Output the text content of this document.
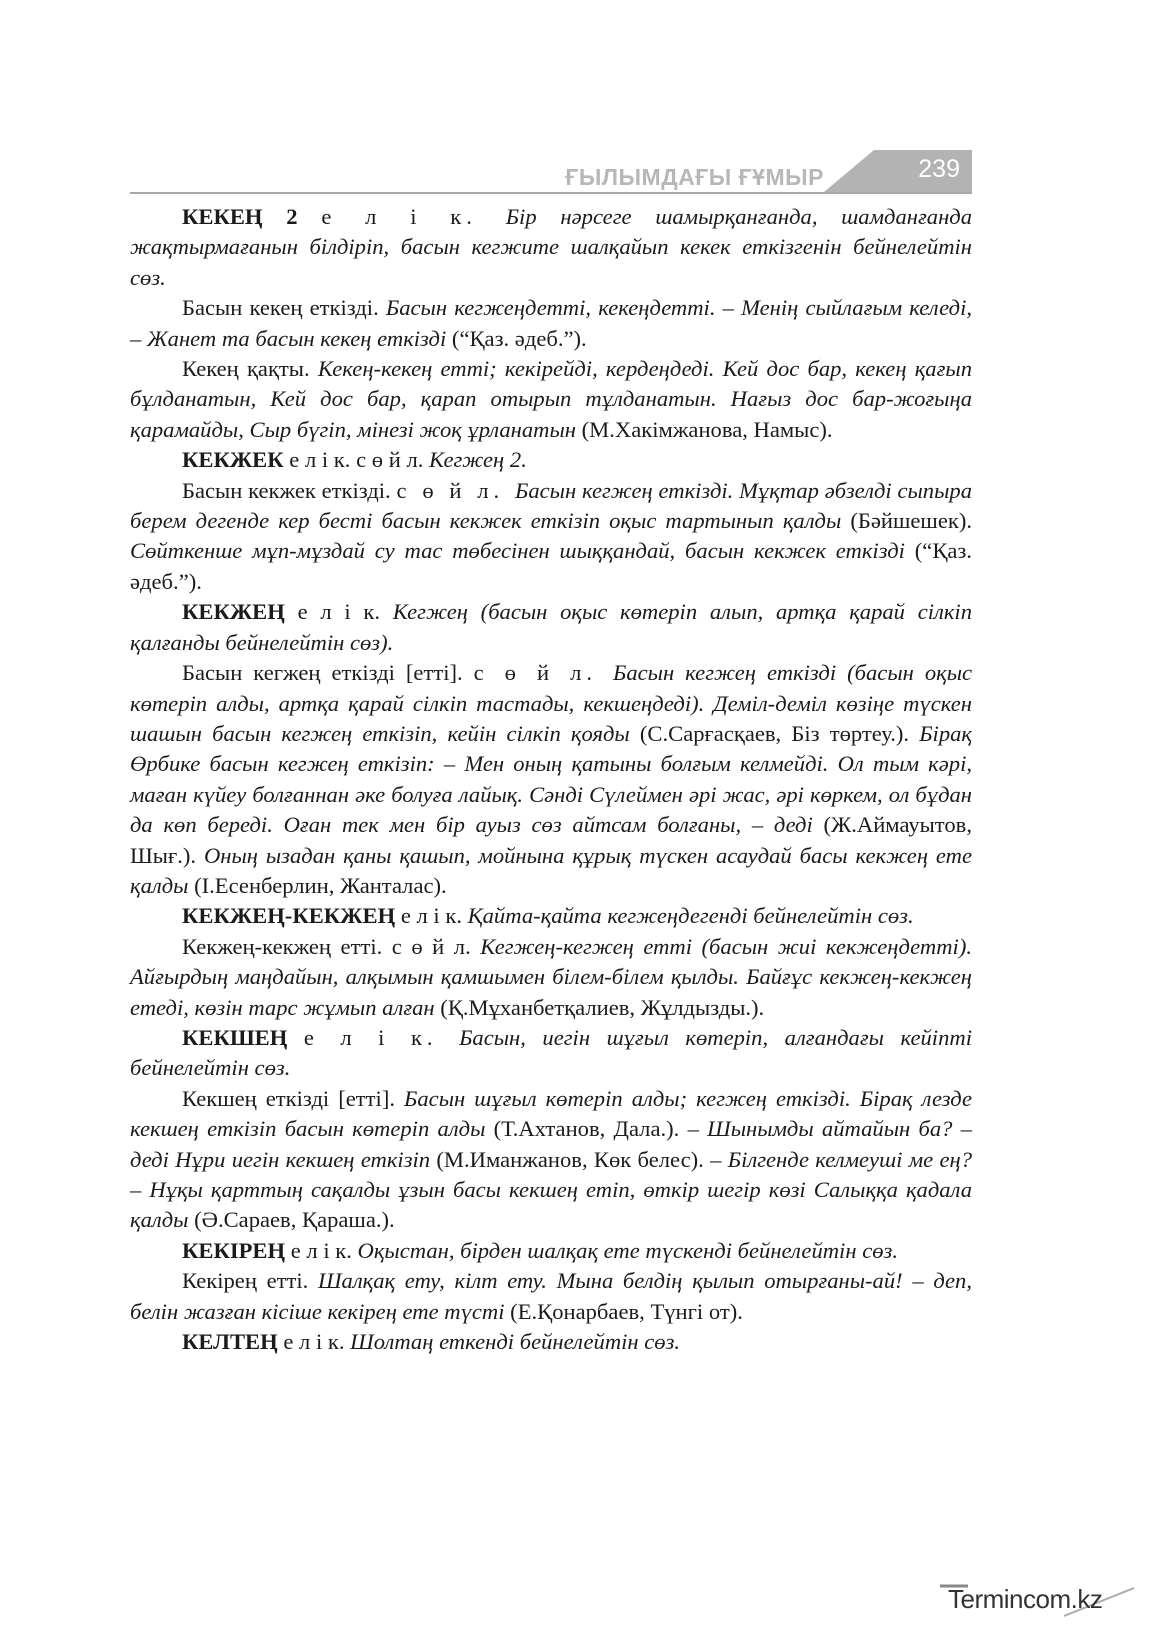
ҒЫЛЫМДАҒЫ ҒҰМЫР	239

КЕКЕҢ 2 е л і к. Бір нәрсеге шамырқанғанда, шамданғанда жақтырмағанын білдіріп, басын кегжите шалқайып кекек еткізгенін бейнелейтін сөз.

Басын кекең еткізді. Басын кегжеңдетті, кекеңдетті. – Менің сыйлағым келеді, – Жанет та басын кекең еткізді (“Қаз. әдеб.”).

Кекең қақты. Кекең-кекең етті; кекірейді, кердеңдеді. Кей дос бар, кекең қағып бұлданатын, Кей дос бар, қарап отырып тұлданатын. Нағыз дос бар-жоғыңа қарамайды, Сыр бүгіп, мінезі жоқ ұрланатын (М.Хакімжанова, Намыс).

КЕКЖЕК е л і к. с ө й л. Кегжең 2.

Басын кекжек еткізді. с ө й л. Басын кегжең еткізді. Мұқтар әбзелді сыпыра берем дегенде кер бесті басын кекжек еткізіп оқыс тартынып қалды (Бәйшешек). Сөйткенше мұп-мұздай су тас төбесінен шыққандай, басын кекжек еткізді (“Қаз. әдеб.”).

КЕКЖЕҢ е л і к. Кегжең (басын оқыс көтеріп алып, артқа қарай сілкіп қалғанды бейнелейтін сөз).

Басын кегжең еткізді [етті]. с ө й л. Басын кегжең еткізді (басын оқыс көтеріп алды, артқа қарай сілкіп тастады, кекшеңдеді). Деміл-деміл көзіңе түскен шашын басын кегжең еткізіп, кейін сілкіп қояды (С.Сарғасқаев, Біз төртеу.). Бірақ Өрбике басын кегжең еткізіп: – Мен оның қатыны болғым келмейді. Ол тым кәрі, маған күйеу болғаннан әке болуға лайық. Сәнді Сүлеймен әрі жас, әрі көркем, ол бұдан да көп береді. Оған тек мен бір ауыз сөз айтсам болғаны, – деді (Ж.Аймауытов, Шығ.). Оның ызадан қаны қашып, мойнына құрық түскен асаудай басы кекжең ете қалды (І.Есенберлин, Жанталас).

КЕКЖЕҢ-КЕКЖЕҢ е л і к. Қайта-қайта кегжеңдегенді бейнелейтін сөз.

Кекжең-кекжең етті. с ө й л. Кегжең-кегжең етті (басын жиі кекжеңдетті). Айғырдың маңдайын, алқымын қамшымен білем-білем қылды. Байғұс кекжең-кекжең етеді, көзін тарс жұмып алған (Қ.Мұханбетқалиев, Жұлдызды.).

КЕКШЕҢ е л і к. Басын, иегін шұғыл көтеріп, алғандағы кейіпті бейнелейтін сөз.

Кекшең еткізді [етті]. Басын шұғыл көтеріп алды; кегжең еткізді. Бірақ лезде кекшең еткізіп басын көтеріп алды (Т.Ахтанов, Дала.). – Шынымды айтайын ба? – деді Нұри иегін кекшең еткізіп (М.Иманжанов, Көк белес). – Білгенде келмеуші ме ең? – Нұқы қарттың сақалды ұзын басы кекшең етіп, өткір шегір көзі Салыққа қадала қалды (Ә.Сараев, Қараша.).

КЕКІРЕҢ е л і к. Оқыстан, бірден шалқақ ете түскенді бейнелейтін сөз.

Кекірең етті. Шалқақ ету, кілт ету. Мына белдің қылып отырғаны-ай! – деп, белін жазған кісіше кекірең ете түсті (Е.Қонарбаев, Түнгі от).

КЕЛТЕҢ е л і к. Шолтаң еткенді бейнелейтін сөз.

Termincom.kz
